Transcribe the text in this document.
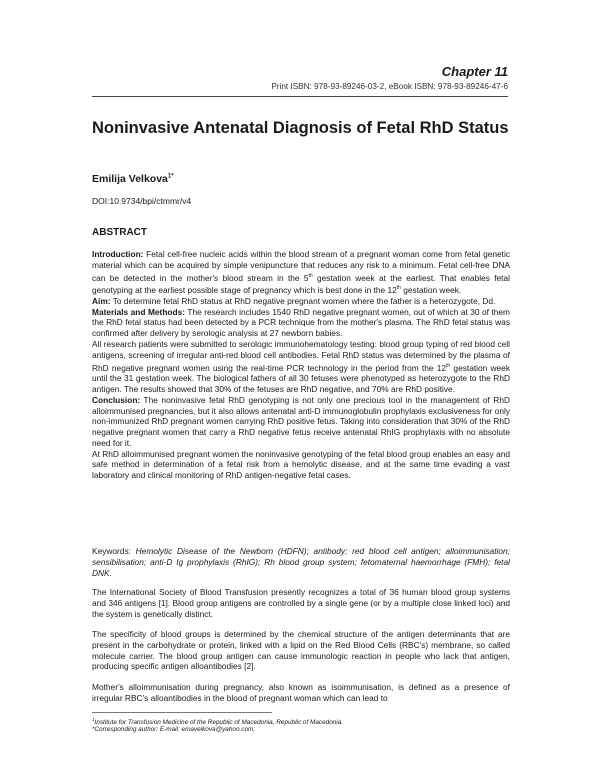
Chapter 11
Print ISBN: 978-93-89246-03-2, eBook ISBN: 978-93-89246-47-6
Noninvasive Antenatal Diagnosis of Fetal RhD Status
Emilija Velkova$^{1*}$
DOI:10.9734/bpi/ctmmr/v4
ABSTRACT

Introduction: Fetal cell-free nucleic acids within the blood stream of a pregnant woman come from fetal genetic material which can be acquired by simple venipuncture that reduces any risk to a minimum. Fetal cell-free DNA can be detected in the mother's blood stream in the 5th gestation week at the earliest. That enables fetal genotyping at the earliest possible stage of pregnancy which is best done in the 12th gestation week.

Aim: To determine fetal RhD status at RhD negative pregnant women where the father is a heterozygote, Dd.

Materials and Methods: The research includes 1540 RhD negative pregnant women, out of which at 30 of them the RhD fetal status had been detected by a PCR technique from the mother's plasma. The RhD fetal status was confirmed after delivery by serologic analysis at 27 newborn babies.

All research patients were submitted to serologic immunohematology testing: blood group typing of red blood cell antigens, screening of irregular anti-red blood cell antibodies. Fetal RhD status was determined by the plasma of RhD negative pregnant women using the real-time PCR technology in the period from the 12th gestation week until the 31 gestation week. The biological fathers of all 30 fetuses were phenotyped as heterozygote to the RhD antigen. The results showed that 30% of the fetuses are RhD negative, and 70% are RhD positive.

Conclusion: The noninvasive fetal RhD genotyping is not only one precious tool in the management of RhD alloimmunised pregnancies, but it also allows antenatal anti-D immunoglobulin prophylaxis exclusiveness for only non-immunized RhD pregnant women carrying RhD positive fetus. Taking into consideration that 30% of the RhD negative pregnant women that carry a RhD negative fetus receive antenatal RhIG prophylaxis with no absolute need for it.

At RhD alloimmunised pregnant women the noninvasive genotyping of the fetal blood group enables an easy and safe method in determination of a fetal risk from a hemolytic disease, and at the same time evading a vast laboratory and clinical monitoring of RhD antigen-negative fetal cases.

Keywords: Hemolytic Disease of the Newborn (HDFN); antibody; red blood cell antigen; alloimmunisation; sensibilisation; anti-D Ig prophylaxis (RhIG); Rh blood group system; fetomaternal haemorrhage (FMH); fetal DNK.
The International Society of Blood Transfusion presently recognizes a total of 36 human blood group systems and 346 antigens [1]. Blood group antigens are controlled by a single gene (or by a multiple close linked loci) and the system is genetically distinct.
The specificity of blood groups is determined by the chemical structure of the antigen determinants that are present in the carbohydrate or protein, linked with a lipid on the Red Blood Cells (RBC's) membrane, so called molecule carrier. The blood group antigen can cause immunologic reaction in people who lack that antigen, producing specific antigen alloantibodies [2].
Mother's alloimmunisation during pregnancy, also known as isoimmunisation, is defined as a presence of irregular RBC's alloantibodies in the blood of pregnant woman which can lead to
$^1$Institute for Transfusion Medicine of the Republic of Macedonia, Republic of Macedonia.
*Corresponding author: E-mail: emavelkova@yahoo.com;
